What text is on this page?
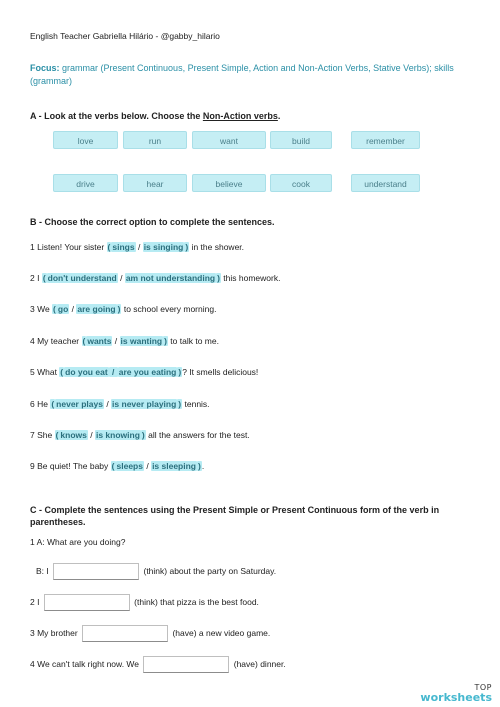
English Teacher Gabriella Hilário - @gabby_hilario
Focus: grammar (Present Continuous, Present Simple, Action and Non-Action Verbs, Stative Verbs); skills (grammar)
A - Look at the verbs below. Choose the Non-Action verbs.
love	run	want	build	remember
drive	hear	believe	cook	understand
B - Choose the correct option to complete the sentences.
1 Listen! Your sister ( sings / is singing ) in the shower.
2 I ( don't understand / am not understanding ) this homework.
3 We ( go / are going ) to school every morning.
4 My teacher ( wants / is wanting ) to talk to me.
5 What ( do you eat / are you eating )? It smells delicious!
6 He ( never plays / is never playing ) tennis.
7 She ( knows / is knowing ) all the answers for the test.
9 Be quiet! The baby ( sleeps / is sleeping ).
C - Complete the sentences using the Present Simple or Present Continuous form of the verb in parentheses.
1 A: What are you doing?
B: I	(think) about the party on Saturday.
2 I	(think) that pizza is the best food.
3 My brother	(have) a new video game.
4 We can't talk right now. We	(have) dinner.
TOP
worksheets
